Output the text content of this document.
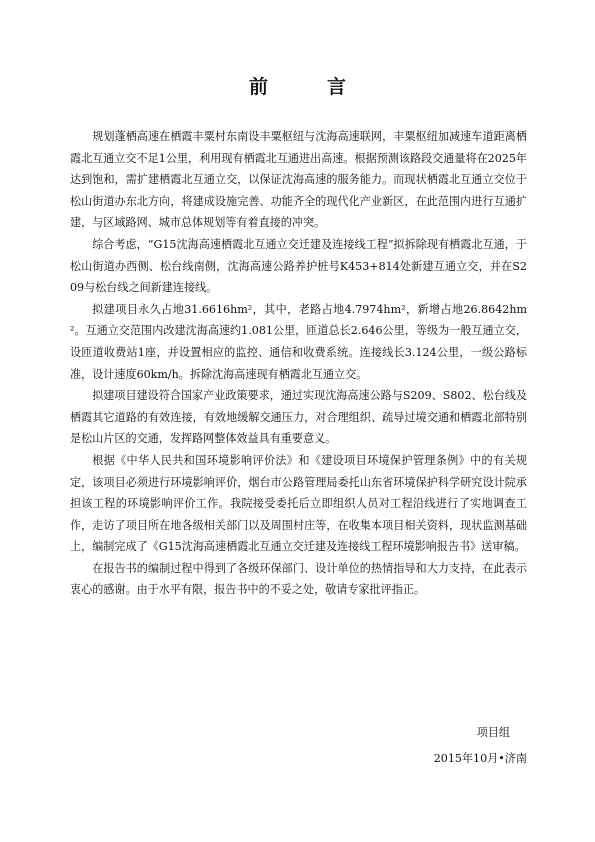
前　言

规划蓬栖高速在栖霞丰粟村东南设丰粟枢纽与沈海高速联网，丰粟枢纽加减速车道距离栖霞北互通立交不足1公里，利用现有栖霞北互通进出高速。根据预测该路段交通量将在2025年达到饱和，需扩建栖霞北互通立交，以保证沈海高速的服务能力。而现状栖霞北互通立交位于松山街道办东北方向，将建成设施完善、功能齐全的现代化产业新区，在此范围内进行互通扩建，与区域路网、城市总体规划等有着直接的冲突。

综合考虑，“G15沈海高速栖霞北互通立交迁建及连接线工程”拟拆除现有栖霞北互通，于松山街道办西侧、松台线南侧，沈海高速公路养护桩号K453+814处新建互通立交，并在S209与松台线之间新建连接线。

拟建项目永久占地31.6616hm²，其中，老路占地4.7974hm²，新增占地26.8642hm²。互通立交范围内改建沈海高速约1.081公里，匝道总长2.646公里，等级为一般互通立交，设匝道收费站1座，并设置相应的监控、通信和收费系统。连接线长3.124公里，一级公路标准，设计速度60km/h。拆除沈海高速现有栖霞北互通立交。

拟建项目建设符合国家产业政策要求，通过实现沈海高速公路与S209、S802、松台线及栖霞其它道路的有效连接，有效地缓解交通压力，对合理组织、疏导过境交通和栖霞北部特别是松山片区的交通，发挥路网整体效益具有重要意义。

根据《中华人民共和国环境影响评价法》和《建设项目环境保护管理条例》中的有关规定，该项目必须进行环境影响评价，烟台市公路管理局委托山东省环境保护科学研究设计院承担该工程的环境影响评价工作。我院接受委托后立即组织人员对工程沿线进行了实地调查工作，走访了项目所在地各级相关部门以及周围村庄等，在收集本项目相关资料，现状监测基础上，编制完成了《G15沈海高速栖霞北互通立交迁建及连接线工程环境影响报告书》送审稿。

在报告书的编制过程中得到了各级环保部门、设计单位的热情指导和大力支持，在此表示衷心的感谢。由于水平有限，报告书中的不妥之处，敬请专家批评指正。

项目组
2015年10月•济南
